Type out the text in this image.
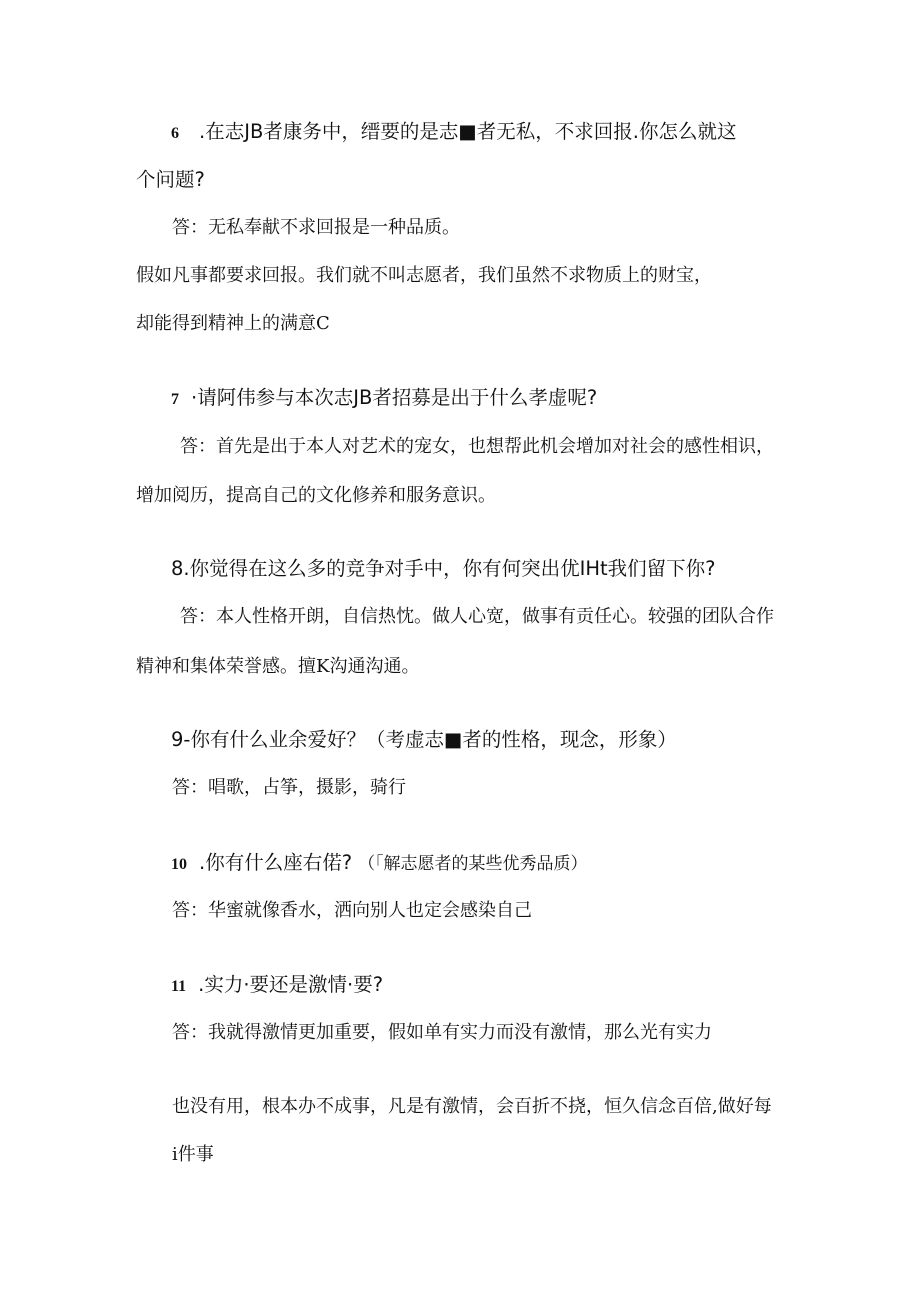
6 .在志JB者康务中，缙要的是志■者无私，不求回报.你怎么就这
个问题?
答：无私奉献不求回报是一种品质。
假如凡事都要求回报。我们就不叫志愿者，我们虽然不求物质上的财宝，
却能得到精神上的满意C
7 ·请阿伟参与本次志JB者招募是出于什么孝虚呢?
答：首先是出于本人对艺术的宠女，也想帮此机会增加对社会的感性相识，
增加阅历，提高自己的文化修养和服务意识。
8.你觉得在这么多的竞争对手中，你有何突出优IHt我们留下你?
答：本人性格开朗，自信热忱。做人心宽，做事有贡任心。较强的团队合作
精神和集体荣誉感。擅K沟通沟通。
9-你有什么业余爱好？（考虚志■者的性格，现念，形象）
答：唱歌，占筝，摄影，骑行
10 .你有什么座右偌? （「解志愿者的某些优秀品质）
答：华蜜就像香水，洒向别人也定会感染自己
11 .实力·要还是激情·要?
答：我就得激情更加重要，假如单有实力而没有激情，那么光有实力
也没有用，根本办不成事，凡是有激情，会百折不挠，恒久信念百倍,做好每
i件事
